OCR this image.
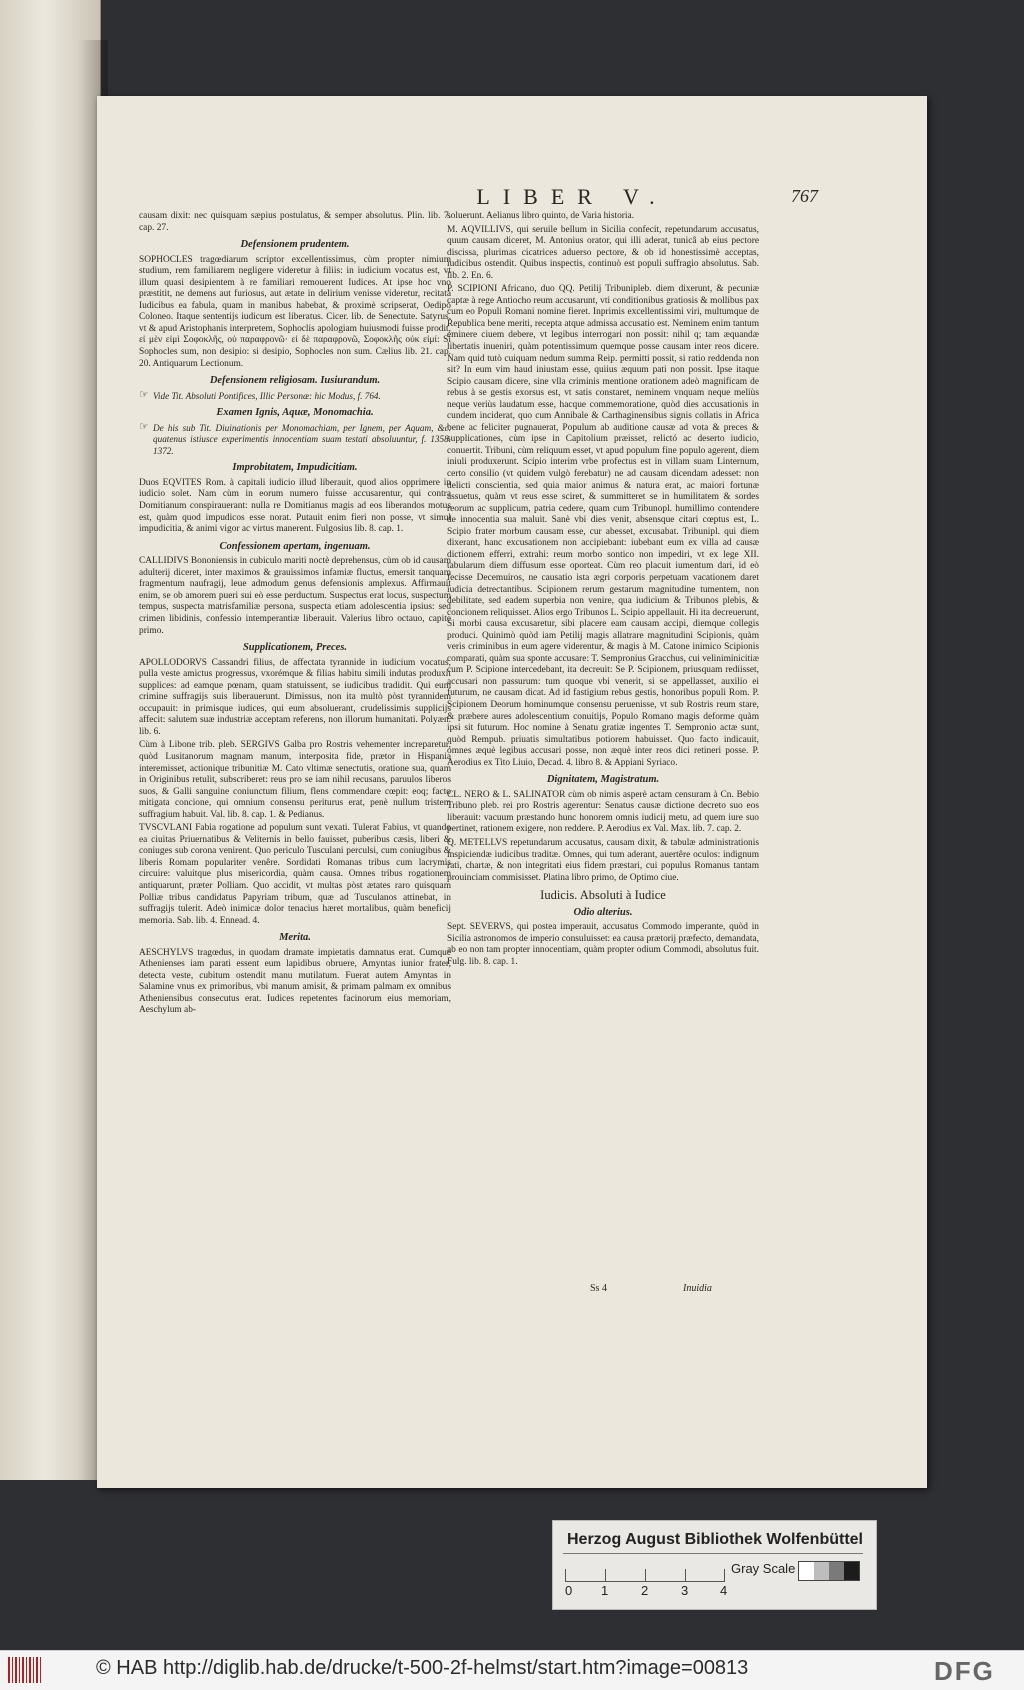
LIBER V.	767

causam dixit: nec quisquam sæpius postulatus, & semper absolutus. Plin. lib. 7. cap. 27.

Defensionem prudentem.

SOPHOCLES tragœdiarum scriptor excellentissimus, cùm propter nimium studium, rem familiarem negligere videretur à filiis: in iudicium vocatus est, vt illum quasi desipientem à re familiari remouerent Iudices. At ipse hoc vno præstitit, ne demens aut furiosus, aut ætate in delirium venisse videretur, recitata Iudicibus ea fabula, quam in manibus habebat, & proximè scripserat, Oedipo Coloneo. Itaque sententijs iudicum est liberatus. Cicer. lib. de Senectute. Satyrus, vt & apud Aristophanis interpretem, Sophoclis apologiam huiusmodi fuisse prodit, εἰ μὲν εἰμὶ Σοφοκλῆς, οὐ παραφρονῶ· εἰ δὲ παραφρονῶ, Σοφοκλῆς οὐκ εἰμί: Si Sophocles sum, non desipio: si desipio, Sophocles non sum. Cælius lib. 21. cap. 20. Antiquarum Lectionum.

Defensionem religiosam. Iusiurandum.
☞ Vide Tit. Absoluti Pontifices, Illic Personæ: hic Modus, f. 764.
Examen Ignis, Aquæ, Monomachia.
☞ De his sub Tit. Diuinationis per Monomachiam, per Ignem, per Aquam, &c. quatenus istiusce experimentis innocentiam suam testati absoluuntur, f. 1358. 1372.
Improbitatem, Impudicitiam.

Duos EQVITES Rom. à capitali iudicio illud liberauit, quod alios opprimere in iudicio solet. Nam cùm in eorum numero fuisse accusarentur, qui contra Domitianum conspirauerant: nulla re Domitianus magis ad eos liberandos motus est, quàm quod impudicos esse norat. Putauit enim fieri non posse, vt simul impudicitia, & animi vigor ac virtus manerent. Fulgosius lib. 8. cap. 1.

Confessionem apertam, ingenuam.

CALLIDIVS Bononiensis in cubiculo mariti noctè deprehensus, cùm ob id causam adulterij diceret, inter maximos & grauissimos infamiæ fluctus, emersit tanquam fragmentum naufragij, leue admodum genus defensionis amplexus. Affirmauit enim, se ob amorem pueri sui eò esse perductum. Suspectus erat locus, suspectum tempus, suspecta matrisfamiliæ persona, suspecta etiam adolescentia ipsius: sed crimen libidinis, confessio intemperantiæ liberauit. Valerius libro octauo, capite primo.

Supplicationem, Preces.

APOLLODORVS Cassandri filius, de affectata tyrannide in iudicium vocatus, pulla veste amictus progressus, vxorémque & filias habitu simili indutas produxit supplices: ad eamque pœnam, quam statuissent, se iudicibus tradidit. Qui eum crimine suffragijs suis liberauerunt. Dimissus, non ita multò pòst tyrannidem occupauit: in primisque iudices, qui eum absoluerant, crudelissimis supplicijs affecit: salutem suæ industriæ acceptam referens, non illorum humanitati. Polyæn. lib. 6.

Cùm à Libone trib. pleb. SERGIVS Galba pro Rostris vehementer increparetur, quòd Lusitanorum magnam manum, interposita fide, prætor in Hispania interemisset, actionique tribunitiæ M. Cato vltimæ senectutis, oratione sua, quam in Originibus retulit, subscriberet: reus pro se iam nihil recusans, paruulos liberos suos, & Galli sanguine coniunctum filium, flens commendare cœpit: eoq; facto mitigata concione, qui omnium consensu periturus erat, penè nullum tristem suffragium habuit. Val. lib. 8. cap. 1. & Pedianus.

TVSCVLANI Fabia rogatione ad populum sunt vexati. Tulerat Fabius, vt quando ea ciuitas Priuernatibus & Veliternis in bello fauisset, puberibus cæsis, liberi & coniuges sub corona venirent. Quo periculo Tusculani perculsi, cum coniugibus & liberis Romam populariter venêre. Sordidati Romanas tribus cum lacrymis circuire: valuitque plus misericordia, quàm causa. Omnes tribus rogationem antiquarunt, præter Polliam. Quo accidit, vt multas pòst ætates raro quisquam Polliæ tribus candidatus Papyriam tribum, quæ ad Tusculanos attinebat, in suffragijs tulerit. Adeò inimicæ dolor tenacius hæret mortalibus, quàm beneficij memoria. Sab. lib. 4. Ennead. 4.

Merita.

AESCHYLVS tragœdus, in quodam dramate impietatis damnatus erat. Cumque Athenienses iam parati essent eum lapidibus obruere, Amyntas iunior frater, detecta veste, cubitum ostendit manu mutilatum. Fuerat autem Amyntas in Salamine vnus ex primoribus, vbi manum amisit, & primam palmam ex omnibus Atheniensibus consecutus erat. Iudices repetentes facinorum eius memoriam, Aeschylum ab-

soluerunt. Aelianus libro quinto, de Varia historia.

M. AQVILLIVS, qui seruile bellum in Sicilia confecit, repetundarum accusatus, quum causam diceret, M. Antonius orator, qui illi aderat, tunicâ ab eius pectore discissa, plurimas cicatrices aduerso pectore, & ob id honestissimè acceptas, iudicibus ostendit. Quibus inspectis, continuò est populi suffragio absolutus. Sab. lib. 2. En. 6.

P. SCIPIONI Africano, duo QQ. Petilij Tribunipleb. diem dixerunt, & pecuniæ captæ à rege Antiocho reum accusarunt, vti conditionibus gratiosis & mollibus pax cum eo Populi Romani nomine fieret. Inprimis excellentissimi viri, multumque de Republica bene meriti, recepta atque admissa accusatio est. Neminem enim tantum eminere ciuem debere, vt legibus interrogari non possit: nihil q; tam æquandæ libertatis inueniri, quàm potentissimum quemque posse causam inter reos dicere. Nam quid tutò cuiquam nedum summa Reip. permitti possit, si ratio reddenda non sit? In eum vim haud iniustam esse, quiius æquum pati non possit. Ipse itaque Scipio causam dicere, sine vlla criminis mentione orationem adeò magnificam de rebus à se gestis exorsus est, vt satis constaret, neminem vnquam neque meliùs neque veriùs laudatum esse, hacque commemoratione, quòd dies accusationis in cundem inciderat, quo cum Annibale & Carthaginensibus signis collatis in Africa bene ac feliciter pugnauerat, Populum ab auditione causæ ad vota & preces & supplicationes, cùm ipse in Capitolium præisset, relictó ac deserto iudicio, conuertit. Tribuni, cùm reliquum esset, vt apud populum fine populo agerent, diem iniuli produxerunt. Scipio interim vrbe profectus est in villam suam Linternum, certo consilio (vt quidem vulgò ferebatur) ne ad causam dicendam adesset: non delicti conscientia, sed quia maior animus & natura erat, ac maiori fortunæ assuetus, quàm vt reus esse sciret, & summitteret se in humilitatem & sordes reorum ac supplicum, patria cedere, quam cum Tribunopl. humillimo contendere de innocentia sua maluit. Sanè vbi dies venit, absensque citari cœptus est, L. Scipio frater morbum causam esse, cur abesset, excusabat. Tribunipl. qui diem dixerant, hanc excusationem non accipiebant: iubebant eum ex villa ad causæ dictionem efferri, extrahi: reum morbo sontico non impediri, vt ex lege XII. tabularum diem diffusum esse oporteat. Cùm reo placuit iumentum dari, id eò fecisse Decemuiros, ne causatio ista ægri corporis perpetuam vacationem daret iudicia detrectantibus. Scipionem rerum gestarum magnitudine tumentem, non debilitate, sed eadem superbia non venire, qua iudicium & Tribunos plebis, & concionem reliquisset. Alios ergo Tribunos L. Scipio appellauit. Hi ita decreuerunt, Si morbi causa excusaretur, sibi placere eam causam accipi, diemque collegis produci. Quinimò quòd iam Petilij magis allatrare magnitudini Scipionis, quàm veris criminibus in eum agere viderentur, & magis à M. Catone inimico Scipionis comparati, quàm sua sponte accusare: T. Sempronius Gracchus, cui veliniminicitiæ cum P. Scipione intercedebant, ita decreuit: Se P. Scipionem, priusquam rediisset, accusari non passurum: tum quoque vbi venerit, si se appellasset, auxilio ei futurum, ne causam dicat. Ad id fastigium rebus gestis, honoribus populi Rom. P. Scipionem Deorum hominumque consensu peruenisse, vt sub Rostris reum stare, & præbere aures adolescentium conuitijs, Populo Romano magis deforme quàm ipsi sit futurum. Hoc nomine à Senatu gratiæ ingentes T. Sempronio actæ sunt, quòd Rempub. priuatis simultatibus potiorem habuisset. Quo facto indicauit, omnes æquè legibus accusari posse, non æquè inter reos dici retineri posse. P. Aerodius ex Tito Liuio, Decad. 4. libro 8. & Appiani Syriaco.

Dignitatem, Magistratum.

CL. NERO & L. SALINATOR cùm ob nimis asperè actam censuram à Cn. Bebio Tribuno pleb. rei pro Rostris agerentur: Senatus causæ dictione decreto suo eos liberauit: vacuum præstando hunc honorem omnis iudicij metu, ad quem iure suo pertinet, rationem exigere, non reddere. P. Aerodius ex Val. Max. lib. 7. cap. 2.

Q. METELLVS repetundarum accusatus, causam dixit, & tabulæ administrationis inspiciendæ iudicibus traditæ. Omnes, qui tum aderant, auertêre oculos: indignum rati, chartæ, & non integritati eius fidem præstari, cui populus Romanus tantam prouinciam commisisset. Platina libro primo, de Optimo ciue.

Iudicis. Absoluti à Iudice
Odio alterius.

Sept. SEVERVS, qui postea imperauit, accusatus Commodo imperante, quòd in Sicilia astronomos de imperio consuluisset: ea causa prætorij præfecto, demandata, ab eo non tam propter innocentiam, quàm propter odium Commodi, absolutus fuit. Fulg. lib. 8. cap. 1.

Ss 4	Inuidia
Herzog August Bibliothek Wolfenbüttel
0 1	2	3 4
Gray Scale
© HAB http://diglib.hab.de/drucke/t-500-2f-helmst/start.htm?image=00813	DFG
